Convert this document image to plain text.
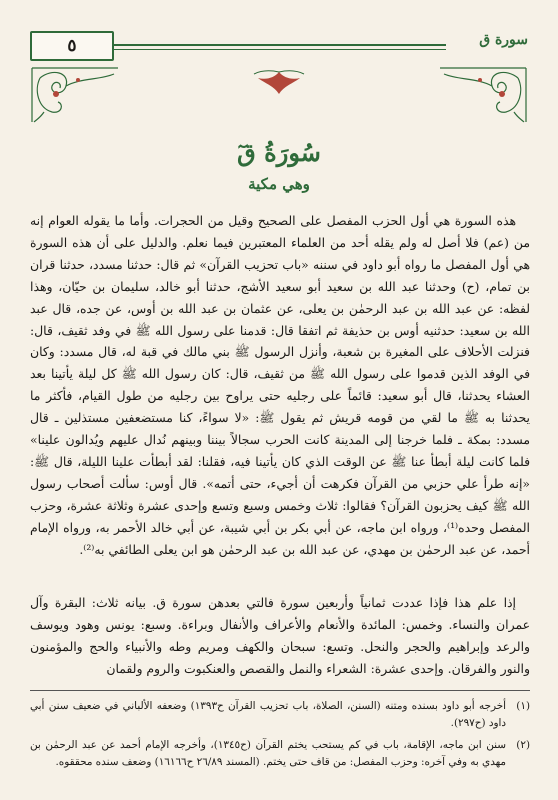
٥	سورة ق
سُورَةُ قٓ
وهي مكية

هذه السورة هي أول الحزب المفصل على الصحيح وقيل من الحجرات. وأما ما يقوله العوام إنه من (عم) فلا أصل له ولم يقله أحد من العلماء المعتبرين فيما نعلم. والدليل على أن هذه السورة هي أول المفصل ما رواه أبو داود في سننه «باب تحزيب القرآن» ثم قال: حدثنا مسدد، حدثنا قران بن تمام، (ح) وحدثنا عبد الله بن سعيد أبو سعيد الأشج، حدثنا أبو خالد، سليمان بن حيّان، وهذا لفظه: عن عبد الله بن عبد الرحمٰن بن يعلى، عن عثمان بن عبد الله بن أوس، عن جده، قال عبد الله بن سعيد: حدثنيه أوس بن حذيفة ثم اتفقا قال: قدمنا على رسول الله ﷺ في وفد ثقيف، قال: فنزلت الأحلاف على المغيرة بن شعبة، وأنزل الرسول ﷺ بني مالك في قبة له، قال مسدد: وكان في الوفد الذين قدموا على رسول الله ﷺ من ثقيف، قال: كان رسول الله ﷺ كل ليلة يأتينا بعد العشاء يحدثنا، قال أبو سعيد: قائماً على رجليه حتى يراوح بين رجليه من طول القيام، فأكثر ما يحدثنا به ﷺ ما لقي من قومه قريش ثم يقول ﷺ: «لا سواءً، كنا مستضعفين مستذلين ـ قال مسدد: بمكة ـ فلما خرجنا إلى المدينة كانت الحرب سجالاً بيننا وبينهم نُدال عليهم ويُدالون علينا» فلما كانت ليلة أبطأ عنا ﷺ عن الوقت الذي كان يأتينا فيه، فقلنا: لقد أبطأت علينا الليلة، قال ﷺ: «إنه طرأ علي حزبي من القرآن فكرهت أن أجيء، حتى أتمه». قال أوس: سألت أصحاب رسول الله ﷺ كيف يحزبون القرآن؟ فقالوا: ثلاث وخمس وسبع وتسع وإحدى عشرة وثلاثة عشرة، وحزب المفصل وحده⁽¹⁾، ورواه ابن ماجه، عن أبي بكر بن أبي شيبة، عن أبي خالد الأحمر به، ورواه الإمام أحمد، عن عبد الرحمٰن بن مهدي، عن عبد الله بن عبد الرحمٰن هو ابن يعلى الطائفي به⁽²⁾.

إذا علم هذا فإذا عددت ثمانياً وأربعين سورة فالتي بعدهن سورة ق. بيانه ثلاث: البقرة وآل عمران والنساء. وخمس: المائدة والأنعام والأعراف والأنفال وبراءة. وسبع: يونس وهود ويوسف والرعد وإبراهيم والحجر والنحل. وتسع: سبحان والكهف ومريم وطه والأنبياء والحج والمؤمنون والنور والفرقان. وإحدى عشرة: الشعراء والنمل والقصص والعنكبوت والروم ولقمان

(١)
أخرجه أبو داود بسنده ومتنه (السنن، الصلاة، باب تحزيب القرآن ح١٣٩٣) وضعفه الألباني في ضعيف سنن أبي داود (ح٢٩٧).
(٢)
سنن ابن ماجه، الإقامة، باب في كم يستحب يختم القرآن (ح١٣٤٥)، وأخرجه الإمام أحمد عن عبد الرحمٰن بن مهدي به وفي آخره: وحزب المفصل: من قاف حتى يختم. (المسند ٢٦/٨٩ ح١٦١٦٦) وضعف سنده محققوه.
